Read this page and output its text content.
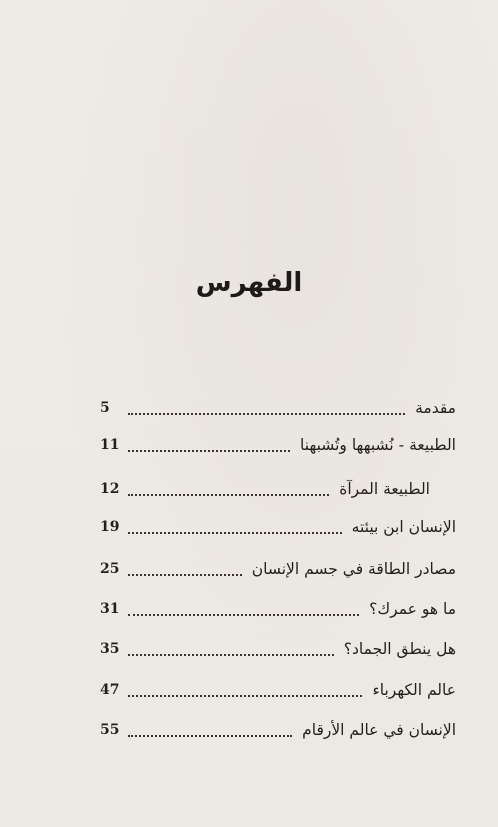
الفهرس
مقدمة
5
الطبيعة - نُشبهها وتُشبهنا
11
الطبيعة المرآة
12
الإنسان ابن بيئته
19
مصادر الطاقة في جسم الإنسان
25
ما هو عمرك؟
31
هل ينطق الجماد؟
35
عالم الكهرباء
47
الإنسان في عالم الأرقام
55
